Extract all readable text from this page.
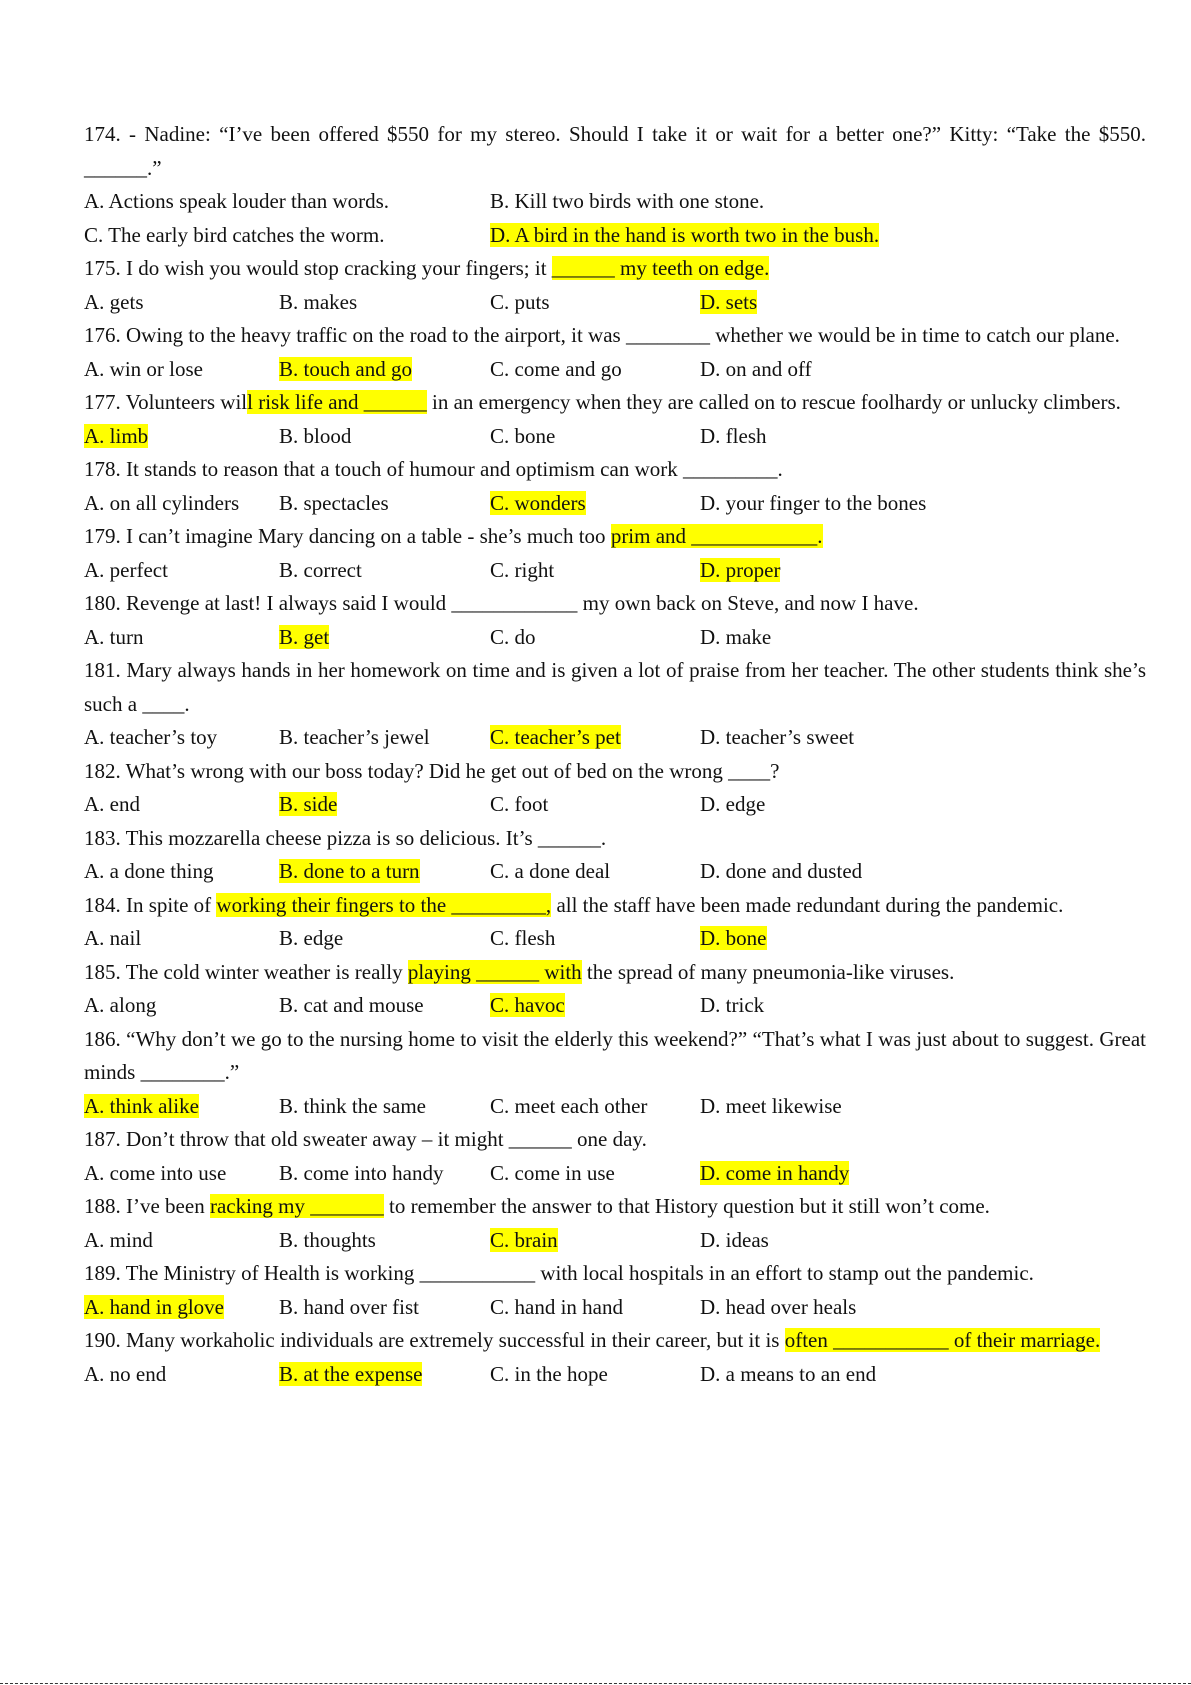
174. - Nadine: “I’ve been offered $550 for my stereo. Should I take it or wait for a better one?” Kitty: “Take the $550. ______.”
A. Actions speak louder than words.	B. Kill two birds with one stone.
C. The early bird catches the worm.	D. A bird in the hand is worth two in the bush.
175. I do wish you would stop cracking your fingers; it ______ my teeth on edge.
A. gets	B. makes	C. puts	D. sets
176. Owing to the heavy traffic on the road to the airport, it was ________ whether we would be in time to catch our plane.
A. win or lose	B. touch and go	C. come and go	D. on and off
177. Volunteers will risk life and ______ in an emergency when they are called on to rescue foolhardy or unlucky climbers.
A. limb	B. blood	C. bone	D. flesh
178. It stands to reason that a touch of humour and optimism can work _________.
A. on all cylinders	B. spectacles	C. wonders	D. your finger to the bones
179. I can’t imagine Mary dancing on a table - she’s much too prim and ____________.
A. perfect	B. correct	C. right	D. proper
180. Revenge at last! I always said I would ____________ my own back on Steve, and now I have.
A. turn	B. get	C. do	D. make
181. Mary always hands in her homework on time and is given a lot of praise from her teacher. The other students think she’s such a ____.
A. teacher’s toy	B. teacher’s jewel	C. teacher’s pet	D. teacher’s sweet
182. What’s wrong with our boss today? Did he get out of bed on the wrong ____?
A. end	B. side	C. foot	D. edge
183. This mozzarella cheese pizza is so delicious. It’s ______.
A. a done thing	B. done to a turn	C. a done deal	D. done and dusted
184. In spite of working their fingers to the _________, all the staff have been made redundant during the pandemic.
A. nail	B. edge	C. flesh	D. bone
185. The cold winter weather is really playing ______ with the spread of many pneumonia-like viruses.
A. along	B. cat and mouse	C. havoc	D. trick
186. “Why don’t we go to the nursing home to visit the elderly this weekend?” “That’s what I was just about to suggest. Great minds ________.”
A. think alike	B. think the same	C. meet each other	D. meet likewise
187. Don’t throw that old sweater away – it might ______ one day.
A. come into use	B. come into handy	C. come in use	D. come in handy
188. I’ve been racking my _______ to remember the answer to that History question but it still won’t come.
A. mind	B. thoughts	C. brain	D. ideas
189. The Ministry of Health is working ___________ with local hospitals in an effort to stamp out the pandemic.
A. hand in glove	B. hand over fist	C. hand in hand	D. head over heals
190. Many workaholic individuals are extremely successful in their career, but it is often ___________ of their marriage.
A. no end	B. at the expense	C. in the hope	D. a means to an end
